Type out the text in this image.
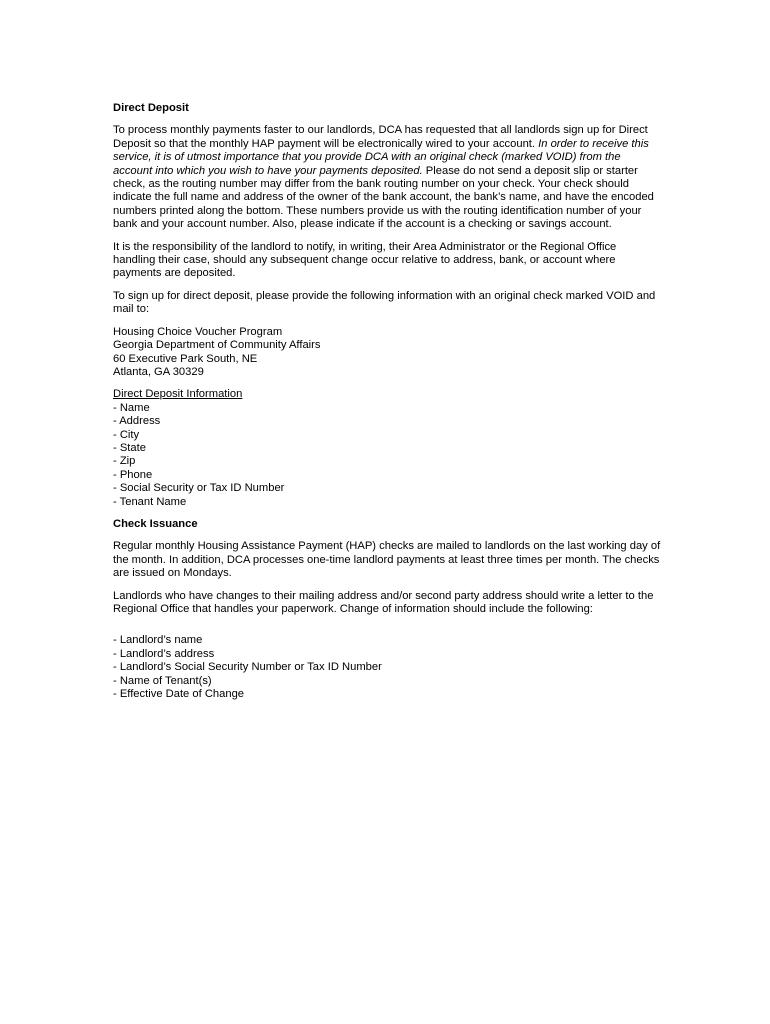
Direct Deposit
To process monthly payments faster to our landlords, DCA has requested that all landlords sign up for Direct Deposit so that the monthly HAP payment will be electronically wired to your account. In order to receive this service, it is of utmost importance that you provide DCA with an original check (marked VOID) from the account into which you wish to have your payments deposited. Please do not send a deposit slip or starter check, as the routing number may differ from the bank routing number on your check. Your check should indicate the full name and address of the owner of the bank account, the bank’s name, and have the encoded numbers printed along the bottom. These numbers provide us with the routing identification number of your bank and your account number. Also, please indicate if the account is a checking or savings account.
It is the responsibility of the landlord to notify, in writing, their Area Administrator or the Regional Office handling their case, should any subsequent change occur relative to address, bank, or account where payments are deposited.
To sign up for direct deposit, please provide the following information with an original check marked VOID and mail to:
Housing Choice Voucher Program
Georgia Department of Community Affairs
60 Executive Park South, NE
Atlanta, GA 30329
Direct Deposit Information
- Name
- Address
- City
- State
- Zip
- Phone
- Social Security or Tax ID Number
- Tenant Name
Check Issuance
Regular monthly Housing Assistance Payment (HAP) checks are mailed to landlords on the last working day of the month. In addition, DCA processes one-time landlord payments at least three times per month. The checks are issued on Mondays.
Landlords who have changes to their mailing address and/or second party address should write a letter to the Regional Office that handles your paperwork. Change of information should include the following:
- Landlord’s name
- Landlord’s address
- Landlord’s Social Security Number or Tax ID Number
- Name of Tenant(s)
- Effective Date of Change
